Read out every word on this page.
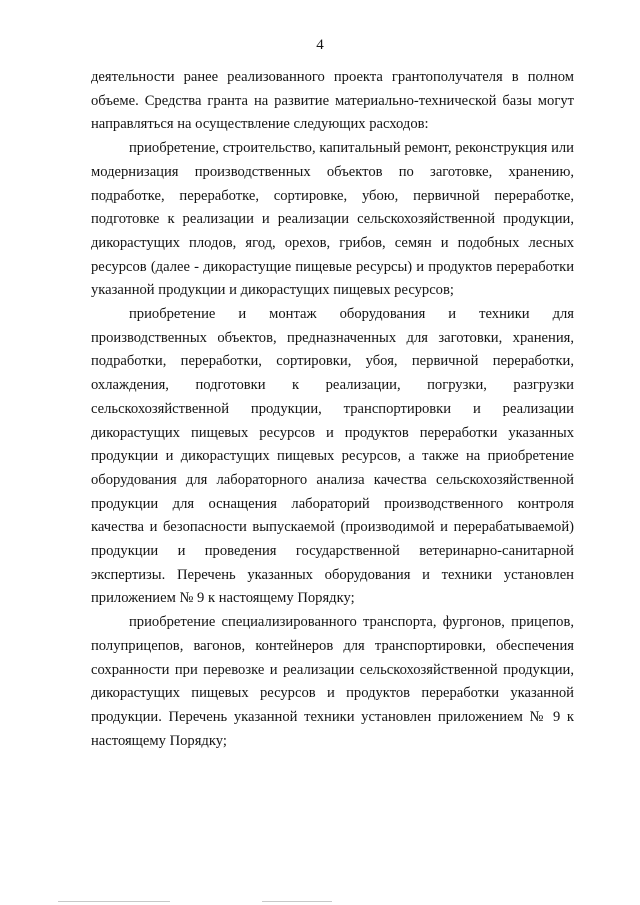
4

деятельности ранее реализованного проекта грантополучателя в полном объеме. Средства гранта на развитие материально-технической базы могут направляться на осуществление следующих расходов:

приобретение, строительство, капитальный ремонт, реконструкция или модернизация производственных объектов по заготовке, хранению, подработке, переработке, сортировке, убою, первичной переработке, подготовке к реализации и реализации сельскохозяйственной продукции, дикорастущих плодов, ягод, орехов, грибов, семян и подобных лесных ресурсов (далее - дикорастущие пищевые ресурсы) и продуктов переработки указанной продукции и дикорастущих пищевых ресурсов;

приобретение и монтаж оборудования и техники для производственных объектов, предназначенных для заготовки, хранения, подработки, переработки, сортировки, убоя, первичной переработки, охлаждения, подготовки к реализации, погрузки, разгрузки сельскохозяйственной продукции, транспортировки и реализации дикорастущих пищевых ресурсов и продуктов переработки указанных продукции и дикорастущих пищевых ресурсов, а также на приобретение оборудования для лабораторного анализа качества сельскохозяйственной продукции для оснащения лабораторий производственного контроля качества и безопасности выпускаемой (производимой и перерабатываемой) продукции и проведения государственной ветеринарно-санитарной экспертизы. Перечень указанных оборудования и техники установлен приложением № 9 к настоящему Порядку;

приобретение специализированного транспорта, фургонов, прицепов, полуприцепов, вагонов, контейнеров для транспортировки, обеспечения сохранности при перевозке и реализации сельскохозяйственной продукции, дикорастущих пищевых ресурсов и продуктов переработки указанной продукции. Перечень указанной техники установлен приложением № 9 к настоящему Порядку;
